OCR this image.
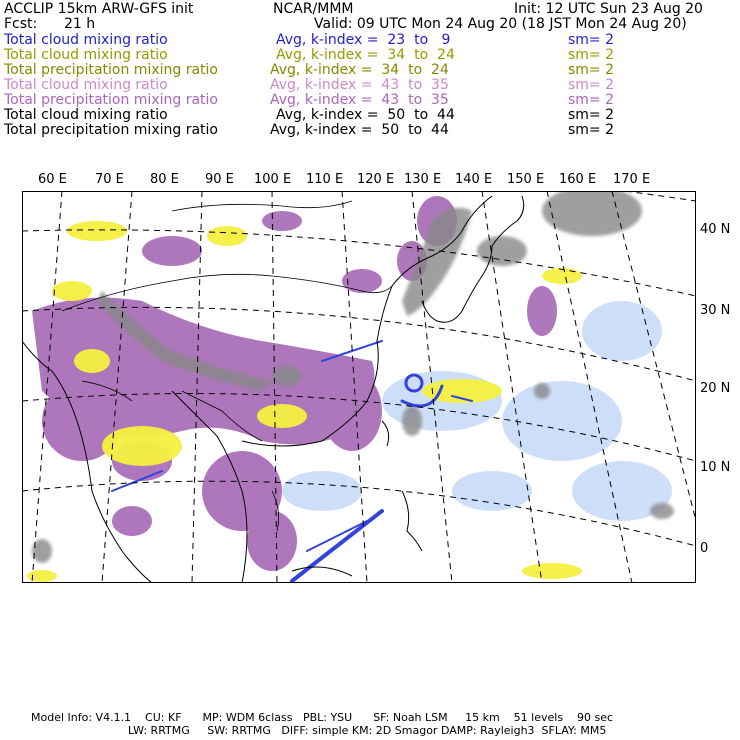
ACCLIP 15km ARW-GFS init	NCAR/MMM	Init: 12 UTC Sun 23 Aug 20
Fcst: 21 h	Valid: 09 UTC Mon 24 Aug 20 (18 JST Mon 24 Aug 20)
Total cloud mixing ratio	Avg, k-index =  23  to   9	sm= 2
Total cloud mixing ratio	Avg, k-index =  34  to  24	sm= 2
Total precipitation mixing ratio	Avg, k-index =  34  to  24	sm= 2
Total cloud mixing ratio	Avg, k-index =  43  to  35	sm= 2
Total precipitation mixing ratio	Avg, k-index =  43  to  35	sm= 2
Total cloud mixing ratio	Avg, k-index =  50  to  44	sm= 2
Total precipitation mixing ratio	Avg, k-index =  50  to  44	sm= 2
60 E 70 E 80 E 90 E 100 E 110 E 120 E 130 E 140 E 150 E 160 E 170 E
40 N
30 N
20 N
10 N
0
Model Info: V4.1.1    CU: KF      MP: WDM 6class   PBL: YSU      SF: Noah LSM     15 km    51 levels    90 sec
LW: RRTMG     SW: RRTMG   DIFF: simple KM: 2D Smagor DAMP: Rayleigh3  SFLAY: MM5
